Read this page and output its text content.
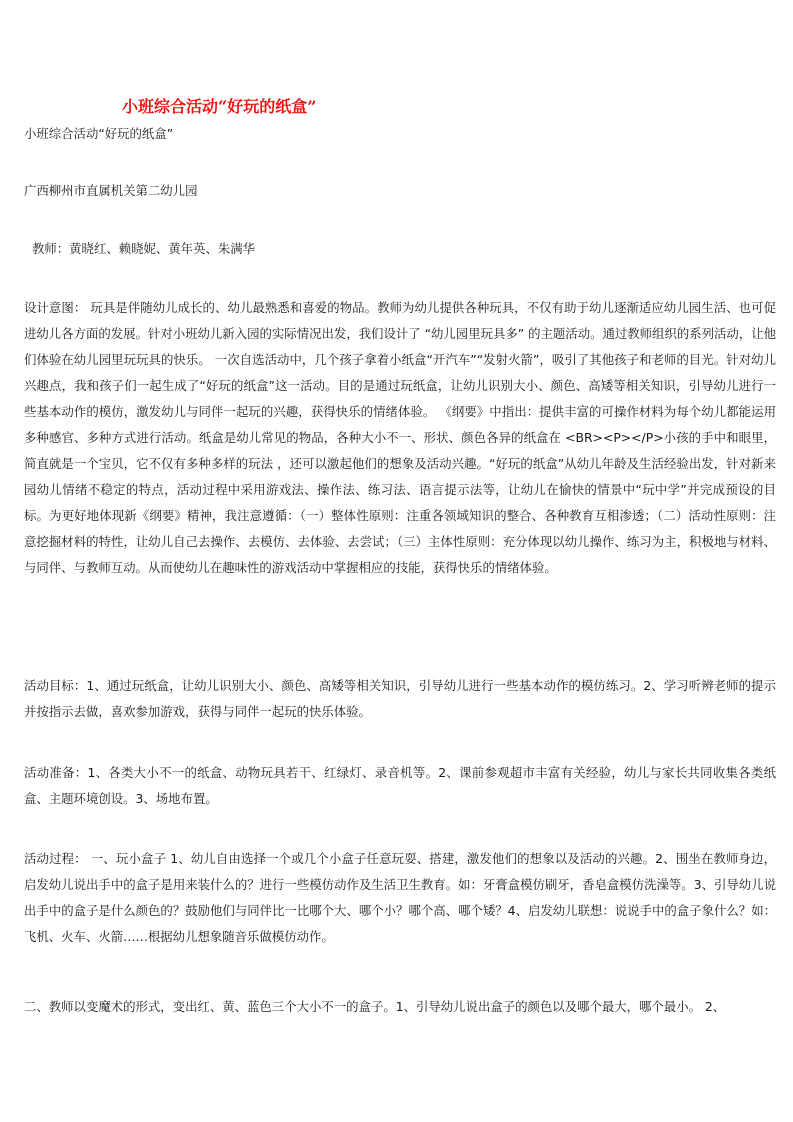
小班综合活动“好玩的纸盒”
小班综合活动“好玩的纸盒”
广西柳州市直属机关第二幼儿园
教师：黄晓红、赖晓妮、黄年英、朱满华
设计意图： 玩具是伴随幼儿成长的、幼儿最熟悉和喜爱的物品。教师为幼儿提供各种玩具，不仅有助于幼儿逐渐适应幼儿园生活、也可促进幼儿各方面的发展。针对小班幼儿新入园的实际情况出发，我们设计了 “幼儿园里玩具多” 的主题活动。通过教师组织的系列活动，让他们体验在幼儿园里玩玩具的快乐。 一次自选活动中，几个孩子拿着小纸盒“开汽车”“发射火箭”，吸引了其他孩子和老师的目光。针对幼儿兴趣点，我和孩子们一起生成了“好玩的纸盒”这一活动。目的是通过玩纸盒，让幼儿识别大小、颜色、高矮等相关知识，引导幼儿进行一些基本动作的模仿，激发幼儿与同伴一起玩的兴趣，获得快乐的情绪体验。 《纲要》中指出：提供丰富的可操作材料为每个幼儿都能运用多种感官、多种方式进行活动。纸盒是幼儿常见的物品，各种大小不一、形状、颜色各异的纸盒在 <BR><P></P>小孩的手中和眼里，简直就是一个宝贝，它不仅有多种多样的玩法 ，还可以激起他们的想象及活动兴趣。“好玩的纸盒”从幼儿年龄及生活经验出发，针对新来园幼儿情绪不稳定的特点，活动过程中采用游戏法、操作法、练习法、语言提示法等，让幼儿在愉快的情景中“玩中学”并完成预设的目标。为更好地体现新《纲要》精神，我注意遵循：（一）整体性原则：注重各领域知识的整合、各种教育互相渗透；（二）活动性原则：注意挖掘材料的特性，让幼儿自己去操作、去模仿、去体验、去尝试；（三）主体性原则：充分体现以幼儿操作、练习为主，积极地与材料、与同伴、与教师互动。从而使幼儿在趣味性的游戏活动中掌握相应的技能，获得快乐的情绪体验。
活动目标：1、通过玩纸盒，让幼儿识别大小、颜色、高矮等相关知识，引导幼儿进行一些基本动作的模仿练习。2、学习听辨老师的提示并按指示去做，喜欢参加游戏，获得与同伴一起玩的快乐体验。
活动准备：1、各类大小不一的纸盒、动物玩具若干、红绿灯、录音机等。2、课前参观超市丰富有关经验，幼儿与家长共同收集各类纸盒、主题环境创设。3、场地布置。
活动过程： 一、玩小盒子 1、幼儿自由选择一个或几个小盒子任意玩耍、搭建，激发他们的想象以及活动的兴趣。2、围坐在教师身边，启发幼儿说出手中的盒子是用来装什么的？进行一些模仿动作及生活卫生教育。如：牙膏盒模仿刷牙，香皂盒模仿洗澡等。3、引导幼儿说出手中的盒子是什么颜色的？鼓励他们与同伴比一比哪个大、哪个小？哪个高、哪个矮？4、启发幼儿联想：说说手中的盒子象什么？如：飞机、火车、火箭……根据幼儿想象随音乐做模仿动作。
二、教师以变魔术的形式，变出红、黄、蓝色三个大小不一的盒子。1、引导幼儿说出盒子的颜色以及哪个最大，哪个最小。 2、
